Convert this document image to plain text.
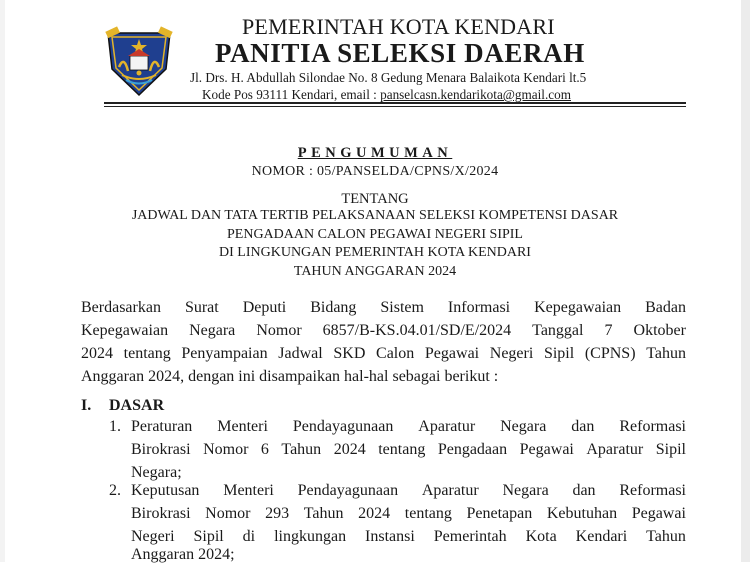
PEMERINTAH KOTA KENDARI
PANITIA SELEKSI DAERAH
Jl. Drs. H. Abdullah Silondae No. 8 Gedung Menara Balaikota Kendari lt.5
Kode Pos 93111 Kendari, email : panselcasn.kendarikota@gmail.com
PENGUMUMAN
NOMOR : 05/PANSELDA/CPNS/X/2024
TENTANG
JADWAL DAN TATA TERTIB PELAKSANAAN SELEKSI KOMPETENSI DASAR
PENGADAAN CALON PEGAWAI NEGERI SIPIL
DI LINGKUNGAN PEMERINTAH KOTA KENDARI
TAHUN ANGGARAN 2024
Berdasarkan Surat Deputi Bidang Sistem Informasi Kepegawaian Badan
Kepegawaian Negara Nomor 6857/B-KS.04.01/SD/E/2024 Tanggal 7 Oktober
2024 tentang Penyampaian Jadwal SKD Calon Pegawai Negeri Sipil (CPNS) Tahun
Anggaran 2024, dengan ini disampaikan hal-hal sebagai berikut :
I. DASAR
1. Peraturan Menteri Pendayagunaan Aparatur Negara dan Reformasi
Birokrasi Nomor 6 Tahun 2024 tentang Pengadaan Pegawai Aparatur Sipil
Negara;
2. Keputusan Menteri Pendayagunaan Aparatur Negara dan Reformasi
Birokrasi Nomor 293 Tahun 2024 tentang Penetapan Kebutuhan Pegawai
Negeri Sipil di lingkungan Instansi Pemerintah Kota Kendari Tahun
Anggaran 2024;
